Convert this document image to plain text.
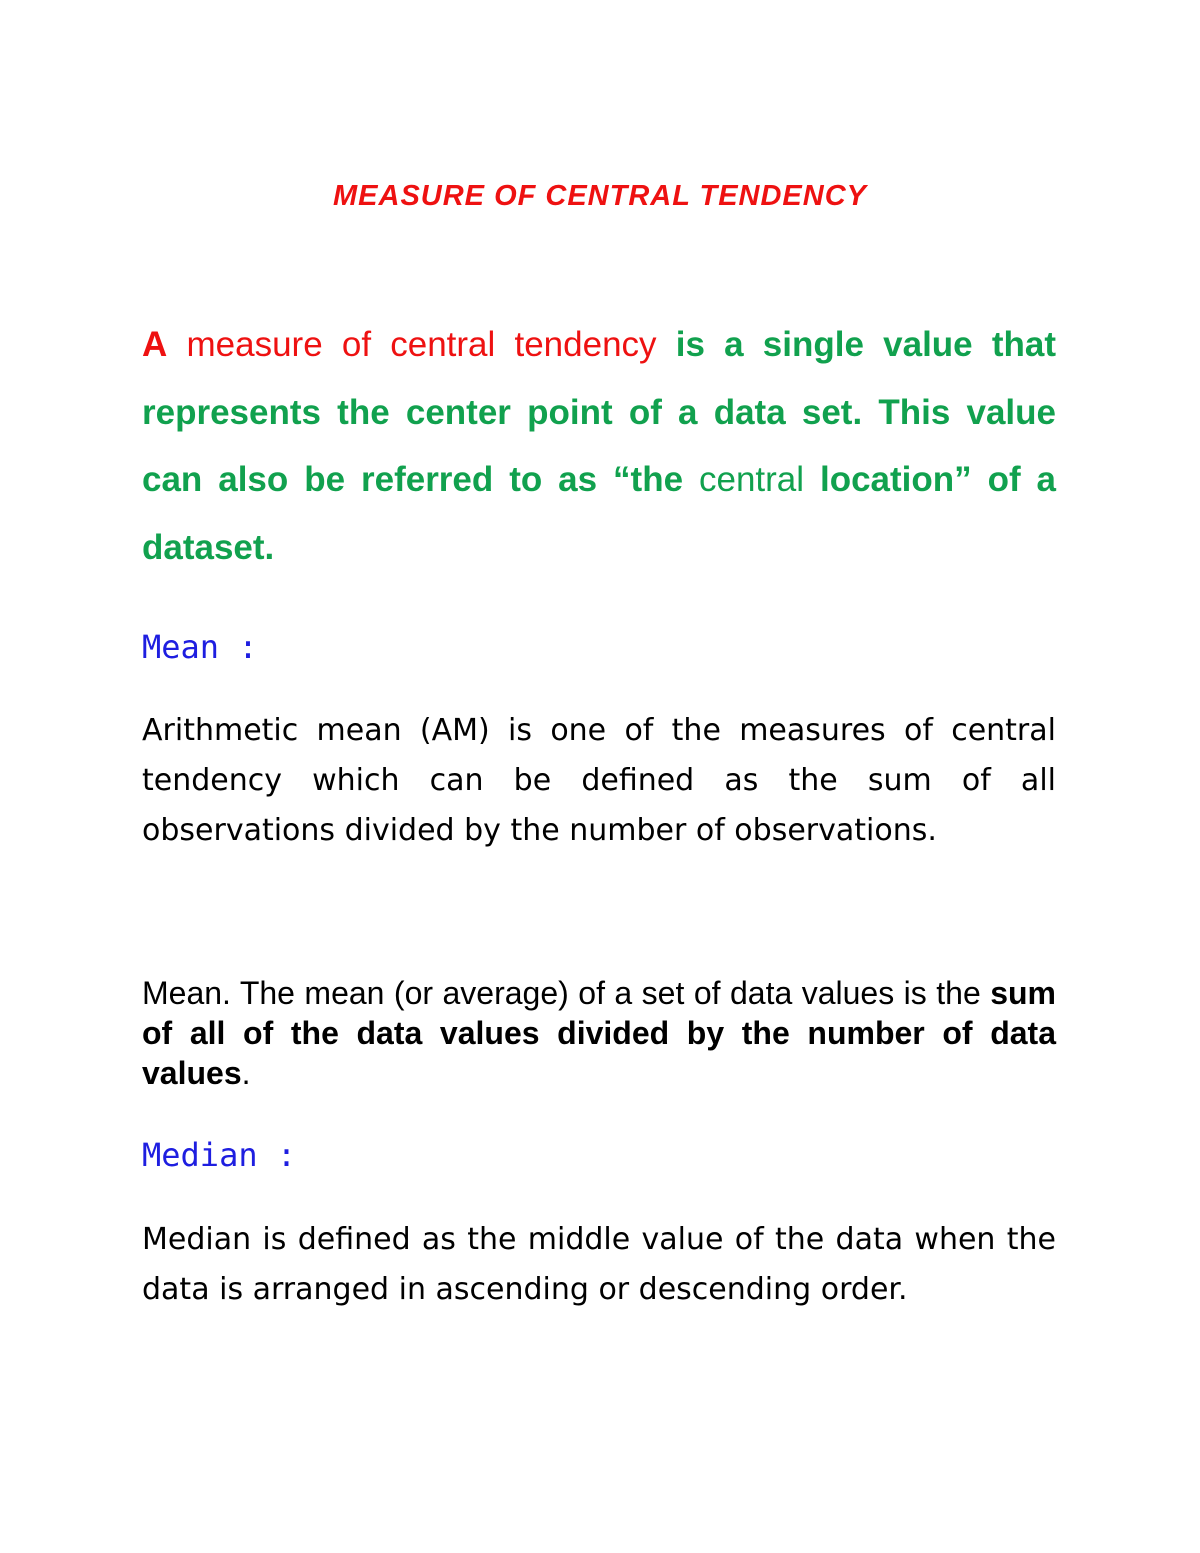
MEASURE OF CENTRAL TENDENCY
A measure of central tendency is a single value that represents the center point of a data set. This value can also be referred to as “the central location” of a dataset.
Mean :
Arithmetic mean (AM) is one of the measures of central tendency which can be defined as the sum of all observations divided by the number of observations.
Mean. The mean (or average) of a set of data values is the sum of all of the data values divided by the number of data values.
Median :
Median is defined as the middle value of the data when the data is arranged in ascending or descending order.
